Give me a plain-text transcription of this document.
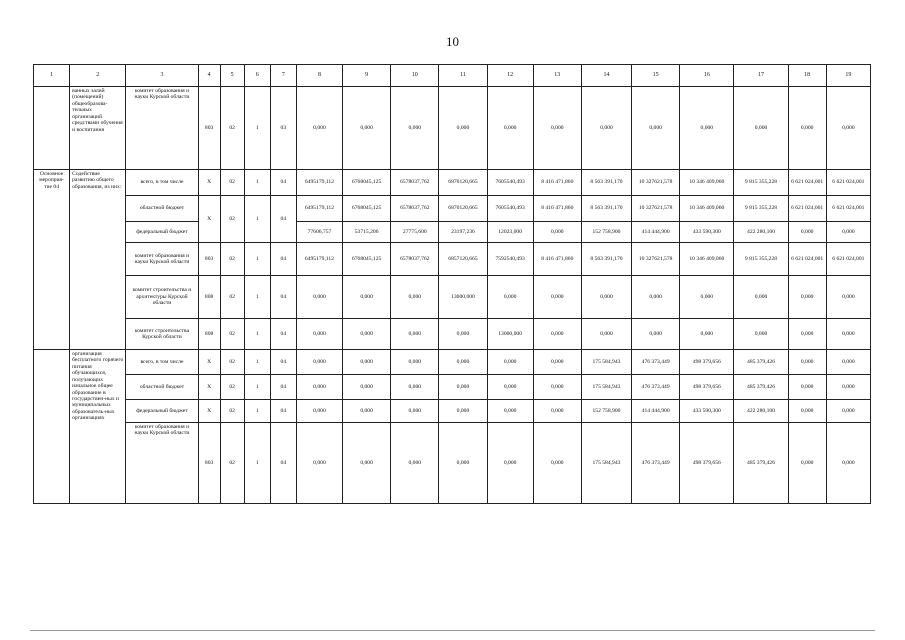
10
1	2	3	4	5	6	7	8	9	10	11	12	13	14	15	16	17	18	19
	ванных залий (помещений) общеобразова-тельных организаций средствами обучения и воспитания	комитет образования и науки Курской области	803	02	1	03	0,000	0,000	0,000	0,000	0,000	0,000	0,000	0,000	0,000	0,000	0,000	0,000
Основное мероприя-тие 04	Содействие развитию общего образования, из них:	всего, в том числе	Х	02	1	04	6495179,112	6768045,125	6578037,762	6870120,665	7605540,493	8 416 471,860	8 563 391,170	10 327621,578	10 346 409,060	9 815 355,228	6 621 024,001	6 621 024,001
		областной бюджет	Х	02	1	04	6495179,112	6768045,125	6578037,762	6870120,665	7605540,493	8 416 471,860	8 563 391,170	10 327621,578	10 346 409,060	9 815 355,228	6 621 024,001	6 621 024,001
		федеральный бюджет					77606,757	53715,206	27775,600	23197,236	12023,000	0,000	152 758,900	414 444,900	433 590,300	422 280,100	0,000	0,000
		комитет образования и науки Курской области	803	02	1	04	6495179,112	6768045,125	6578037,762	6857120,665	7592540,493	8 416 471,860	8 563 391,170	10 327621,578	10 346 409,060	9 815 355,228	6 621 024,001	6 621 024,001
		комитет строительства и архитектуры Курской области	808	02	1	04	0,000	0,000	0,000	13000,000	0,000	0,000	0,000	0,000	0,000	0,000	0,000	0,000
		комитет строительства Курской области	808	02	1	04	0,000	0,000	0,000	0,000	13000,000	0,000	0,000	0,000	0,000	0,000	0,000	0,000
	организация бесплатного горячего питания обучающихся, получающих начальное общее образование в государствен-ных и муниципальных образователь-ных организациях	всего, в том числе	Х	02	1	04	0,000	0,000	0,000	0,000	0,000	0,000	175 584,943	476 373,449	498 379,656	485 379,426	0,000	0,000
		областной бюджет	Х	02	1	04	0,000	0,000	0,000	0,000	0,000	0,000	175 584,943	476 373,449	498 379,656	485 379,426	0,000	0,000
		федеральный бюджет	Х	02	1	04	0,000	0,000	0,000	0,000	0,000	0,000	152 758,900	414 444,900	433 590,300	422 280,100	0,000	0,000
		комитет образования и науки Курской области	803	02	1	04	0,000	0,000	0,000	0,000	0,000	0,000	175 584,943	476 373,449	498 379,656	485 379,426	0,000	0,000
